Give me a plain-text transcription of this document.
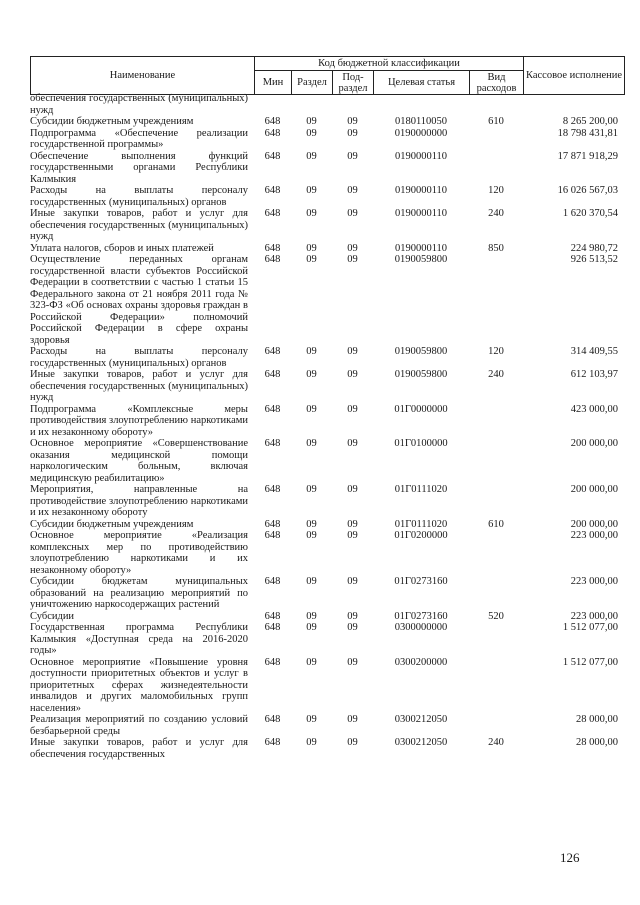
Наименование	Код бюджетной классификации					Кассовое исполнение
	Мин	Раздел	Под-раздел	Целевая статья	Вид расходов	
обеспечения государственных (муниципальных) нужд						
Субсидии бюджетным учреждениям	648	09	09	0180110050	610	8 265 200,00
Подпрограмма «Обеспечение реализации государственной программы»	648	09	09	0190000000		18 798 431,81
Обеспечение выполнения функций государственными органами Республики Калмыкия	648	09	09	0190000110		17 871 918,29
Расходы на выплаты персоналу государственных (муниципальных) органов	648	09	09	0190000110	120	16 026 567,03
Иные закупки товаров, работ и услуг для обеспечения государственных (муниципальных) нужд	648	09	09	0190000110	240	1 620 370,54
Уплата налогов, сборов и иных платежей	648	09	09	0190000110	850	224 980,72
Осуществление переданных органам государственной власти субъектов Российской Федерации в соответствии с частью 1 статьи 15 Федерального закона от 21 ноября 2011 года № 323-ФЗ «Об основах охраны здоровья граждан в Российской Федерации» полномочий Российской Федерации в сфере охраны здоровья	648	09	09	0190059800		926 513,52
Расходы на выплаты персоналу государственных (муниципальных) органов	648	09	09	0190059800	120	314 409,55
Иные закупки товаров, работ и услуг для обеспечения государственных (муниципальных) нужд	648	09	09	0190059800	240	612 103,97
Подпрограмма «Комплексные меры противодействия злоупотреблению наркотиками и их незаконному обороту»	648	09	09	01Г0000000		423 000,00
Основное мероприятие «Совершенствование оказания медицинской помощи наркологическим больным, включая медицинскую реабилитацию»	648	09	09	01Г0100000		200 000,00
Мероприятия, направленные на противодействие злоупотреблению наркотиками и их незаконному обороту	648	09	09	01Г0111020		200 000,00
Субсидии бюджетным учреждениям	648	09	09	01Г0111020	610	200 000,00
Основное мероприятие «Реализация комплексных мер по противодействию злоупотреблению наркотиками и их незаконному обороту»	648	09	09	01Г0200000		223 000,00
Субсидии бюджетам муниципальных образований на реализацию мероприятий по уничтожению наркосодержащих растений	648	09	09	01Г0273160		223 000,00
Субсидии	648	09	09	01Г0273160	520	223 000,00
Государственная программа Республики Калмыкия «Доступная среда на 2016-2020 годы»	648	09	09	0300000000		1 512 077,00
Основное мероприятие «Повышение уровня доступности приоритетных объектов и услуг в приоритетных сферах жизнедеятельности инвалидов и других маломобильных групп населения»	648	09	09	0300200000		1 512 077,00
Реализация мероприятий по созданию условий безбарьерной среды	648	09	09	0300212050		28 000,00
Иные закупки товаров, работ и услуг для обеспечения государственных	648	09	09	0300212050	240	28 000,00
126
